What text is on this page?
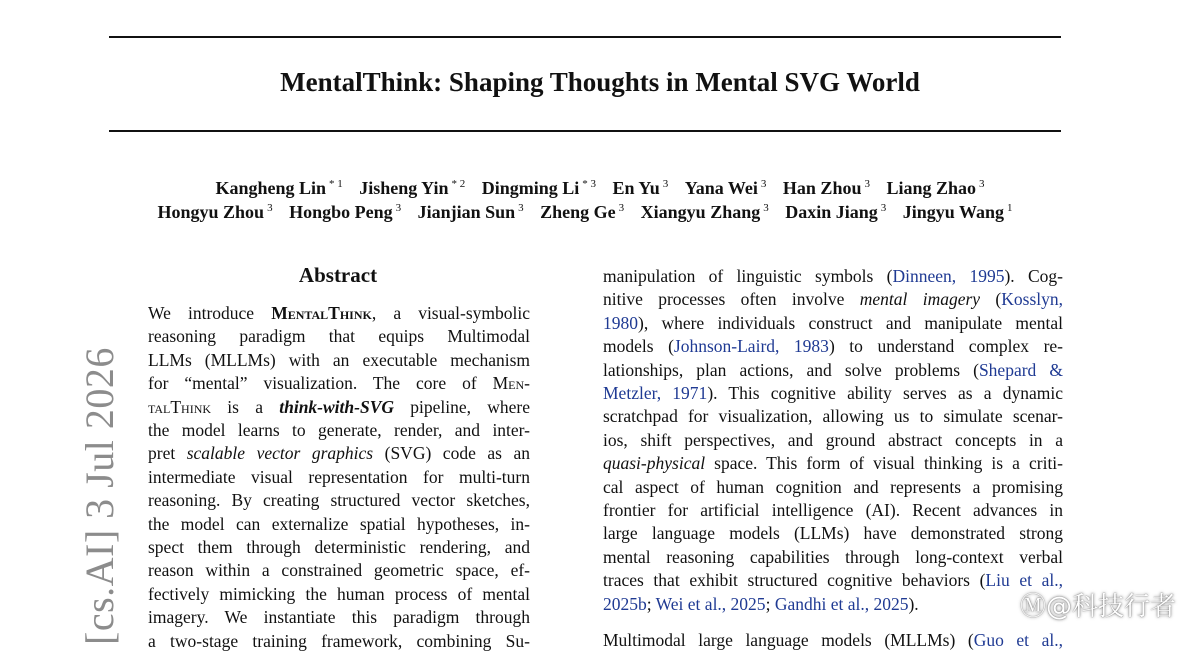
MentalThink: Shaping Thoughts in Mental SVG World
Kangheng Lin $^{* 1}$ Jisheng Yin $^{* 2}$ Dingming Li $^{* 3}$ En Yu $^3$ Yana Wei $^3$ Han Zhou $^3$ Liang Zhao $^3$
Hongyu Zhou $^3$ Hongbo Peng $^3$ Jianjian Sun $^3$ Zheng Ge $^3$ Xiangyu Zhang $^3$ Daxin Jiang $^3$ Jingyu Wang $^1$
[cs.AI] 3 Jul 2026
Abstract
We introduce MentalThink, a visual-symbolic
reasoning paradigm that equips Multimodal
LLMs (MLLMs) with an executable mechanism
for “mental” visualization. The core of Men-
talThink is a think-with-SVG pipeline, where
the model learns to generate, render, and inter-
pret scalable vector graphics (SVG) code as an
intermediate visual representation for multi-turn
reasoning. By creating structured vector sketches,
the model can externalize spatial hypotheses, in-
spect them through deterministic rendering, and
reason within a constrained geometric space, ef-
fectively mimicking the human process of mental
imagery. We instantiate this paradigm through
a two-stage training framework, combining Su-

manipulation of linguistic symbols (Dinneen, 1995). Cog-
nitive processes often involve mental imagery (Kosslyn,
1980), where individuals construct and manipulate mental
models (Johnson-Laird, 1983) to understand complex re-
lationships, plan actions, and solve problems (Shepard &
Metzler, 1971). This cognitive ability serves as a dynamic
scratchpad for visualization, allowing us to simulate scenar-
ios, shift perspectives, and ground abstract concepts in a
quasi-physical space. This form of visual thinking is a criti-
cal aspect of human cognition and represents a promising
frontier for artificial intelligence (AI). Recent advances in
large language models (LLMs) have demonstrated strong
mental reasoning capabilities through long-context verbal
traces that exhibit structured cognitive behaviors (Liu et al.,
2025b; Wei et al., 2025; Gandhi et al., 2025).

Multimodal large language models (MLLMs) (Guo et al.,

Ⓜ@科技行者
